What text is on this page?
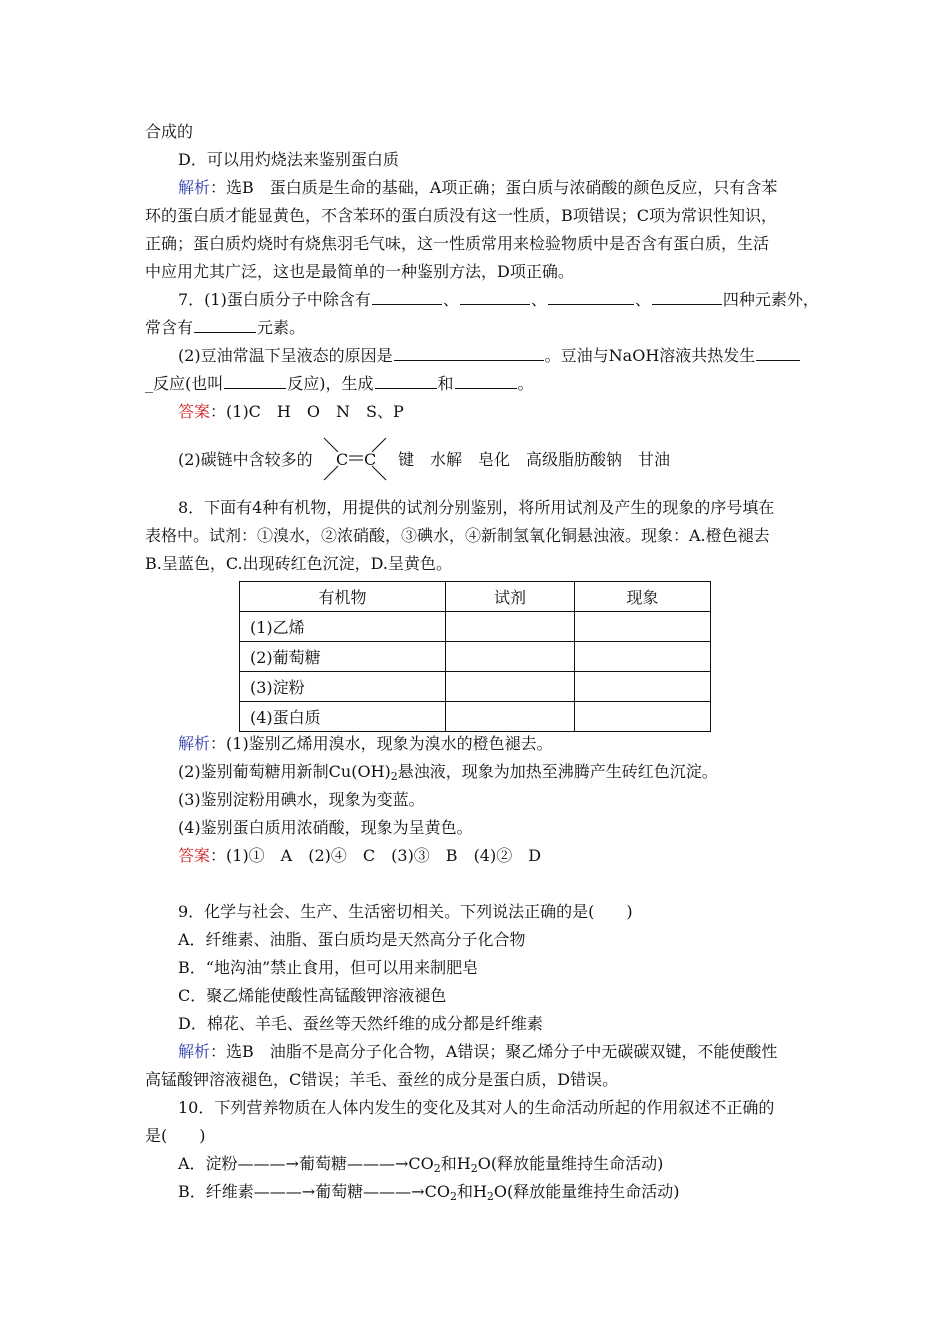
合成的
D．可以用灼烧法来鉴别蛋白质
解析：选B　蛋白质是生命的基础，A项正确；蛋白质与浓硝酸的颜色反应，只有含苯
环的蛋白质才能显黄色，不含苯环的蛋白质没有这一性质，B项错误；C项为常识性知识，
正确；蛋白质灼烧时有烧焦羽毛气味，这一性质常用来检验物质中是否含有蛋白质，生活
中应用尤其广泛，这也是最简单的一种鉴别方法，D项正确。
7．(1)蛋白质分子中除含有	、	、	、	四种元素外，
常含有	元素。
(2)豆油常温下呈液态的原因是	。豆油与NaOH溶液共热发生
_反应(也叫	反应)，生成	和	。
答案：(1)C　H　O　N　S、P
(2)碳链中含较多的 C C 键　水解　皂化　高级脂肪酸钠　甘油
8．下面有4种有机物，用提供的试剂分别鉴别，将所用试剂及产生的现象的序号填在
表格中。试剂：①溴水，②浓硝酸，③碘水，④新制氢氧化铜悬浊液。现象：A.橙色褪去
B.呈蓝色，C.出现砖红色沉淀，D.呈黄色。
有机物	试剂	现象
(1)乙烯		
(2)葡萄糖		
(3)淀粉		
(4)蛋白质		
解析：(1)鉴别乙烯用溴水，现象为溴水的橙色褪去。
(2)鉴别葡萄糖用新制$Cu(OH)_2$悬浊液，现象为加热至沸腾产生砖红色沉淀。
(3)鉴别淀粉用碘水，现象为变蓝。
(4)鉴别蛋白质用浓硝酸，现象为呈黄色。
答案：(1)①　A　(2)④　C　(3)③　B　(4)②　D
9．化学与社会、生产、生活密切相关。下列说法正确的是(　　)
A．纤维素、油脂、蛋白质均是天然高分子化合物
B．“地沟油”禁止食用，但可以用来制肥皂
C．聚乙烯能使酸性高锰酸钾溶液褪色
D．棉花、羊毛、蚕丝等天然纤维的成分都是纤维素
解析：选B　油脂不是高分子化合物，A错误；聚乙烯分子中无碳碳双键，不能使酸性
高锰酸钾溶液褪色，C错误；羊毛、蚕丝的成分是蛋白质，D错误。
10．下列营养物质在人体内发生的变化及其对人的生命活动所起的作用叙述不正确的
是(　　)
A．淀粉———→葡萄糖$———\to CO_2$和$H_2O$(释放能量维持生命活动)
B．纤维素———→葡萄糖$———\to CO_2$和$H_2O$(释放能量维持生命活动)
